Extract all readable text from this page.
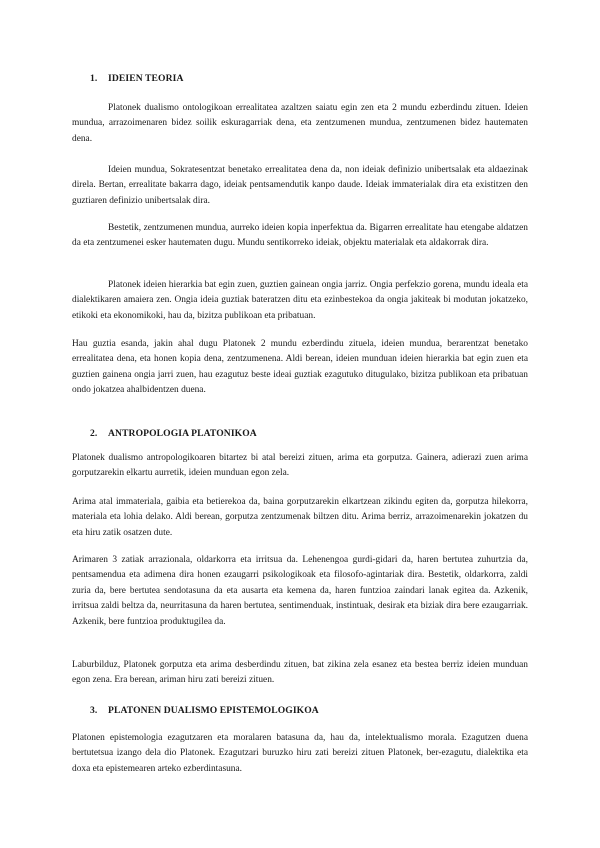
1. IDEIEN TEORIA

Platonek dualismo ontologikoan errealitatea azaltzen saiatu egin zen eta 2 mundu ezberdindu zituen. Ideien mundua, arrazoimenaren bidez soilik eskuragarriak dena, eta zentzumenen mundua, zentzumenen bidez hautematen dena.

Ideien mundua, Sokratesentzat benetako errealitatea dena da, non ideiak definizio unibertsalak eta aldaezinak direla. Bertan, errealitate bakarra dago, ideiak pentsamendutik kanpo daude. Ideiak immaterialak dira eta existitzen den guztiaren definizio unibertsalak dira.

Bestetik, zentzumenen mundua, aurreko ideien kopia inperfektua da. Bigarren errealitate hau etengabe aldatzen da eta zentzumenei esker hautematen dugu. Mundu sentikorreko ideiak, objektu materialak eta aldakorrak dira.

Platonek ideien hierarkia bat egin zuen, guztien gainean ongia jarriz. Ongia perfekzio gorena, mundu ideala eta dialektikaren amaiera zen. Ongia ideia guztiak bateratzen ditu eta ezinbestekoa da ongia jakiteak bi modutan jokatzeko, etikoki eta ekonomikoki, hau da, bizitza publikoan eta pribatuan.

Hau guztia esanda, jakin ahal dugu Platonek 2 mundu ezberdindu zituela, ideien mundua, berarentzat benetako errealitatea dena, eta honen kopia dena, zentzumenena. Aldi berean, ideien munduan ideien hierarkia bat egin zuen eta guztien gainena ongia jarri zuen, hau ezagutuz beste ideai guztiak ezagutuko ditugulako, bizitza publikoan eta pribatuan ondo jokatzea ahalbidentzen duena.

2. ANTROPOLOGIA PLATONIKOA

Platonek dualismo antropologikoaren bitartez bi atal bereizi zituen, arima eta gorputza. Gainera, adierazi zuen arima gorputzarekin elkartu aurretik, ideien munduan egon zela.

Arima atal immateriala, gaibia eta betierekoa da, baina gorputzarekin elkartzean zikindu egiten da, gorputza hilekorra, materiala eta lohia delako. Aldi berean, gorputza zentzumenak biltzen ditu. Arima berriz, arrazoimenarekin jokatzen du eta hiru zatik osatzen dute.

Arimaren 3 zatiak arrazionala, oldarkorra eta irritsua da. Lehenengoa gurdi-gidari da, haren bertutea zuhurtzia da, pentsamendua eta adimena dira honen ezaugarri psikologikoak eta filosofo-agintariak dira. Bestetik, oldarkorra, zaldi zuria da, bere bertutea sendotasuna da eta ausarta eta kemena da, haren funtzioa zaindari lanak egitea da. Azkenik, irritsua zaldi beltza da, neurritasuna da haren bertutea, sentimenduak, instintuak, desirak eta biziak dira bere ezaugarriak. Azkenik, bere funtzioa produktugilea da.

Laburbilduz, Platonek gorputza eta arima desberdindu zituen, bat zikina zela esanez eta bestea berriz ideien munduan egon zena. Era berean, ariman hiru zati bereizi zituen.

3. PLATONEN DUALISMO EPISTEMOLOGIKOA

Platonen epistemologia ezagutzaren eta moralaren batasuna da, hau da, intelektualismo morala. Ezagutzen duena bertutetsua izango dela dio Platonek. Ezagutzari buruzko hiru zati bereizi zituen Platonek, ber-ezagutu, dialektika eta doxa eta epistemearen arteko ezberdintasuna.
